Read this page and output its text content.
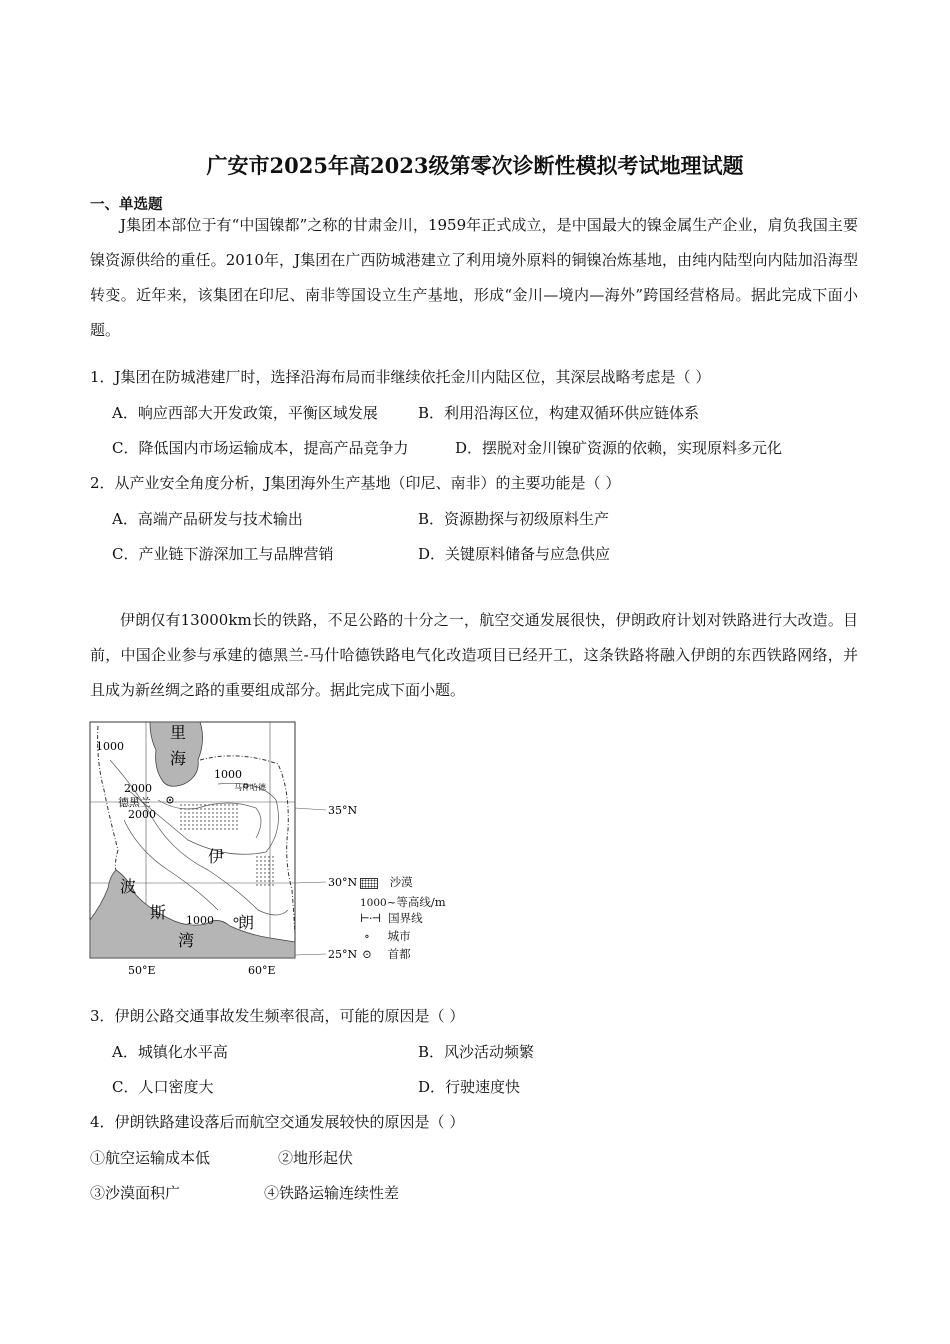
广安市2025年高2023级第零次诊断性模拟考试地理试题
一、单选题
J集团本部位于有“中国镍都”之称的甘肃金川，1959年正式成立，是中国最大的镍金属生产企业，肩负我国主要镍资源供给的重任。2010年，J集团在广西防城港建立了利用境外原料的铜镍冶炼基地，由纯内陆型向内陆加沿海型转变。近年来，该集团在印尼、南非等国设立生产基地，形成“金川—境内—海外”跨国经营格局。据此完成下面小题。
1．J集团在防城港建厂时，选择沿海布局而非继续依托金川内陆区位，其深层战略考虑是（ ）
A．响应西部大开发政策，平衡区域发展	B．利用沿海区位，构建双循环供应链体系
C．降低国内市场运输成本，提高产品竞争力	D．摆脱对金川镍矿资源的依赖，实现原料多元化
2．从产业安全角度分析，J集团海外生产基地（印尼、南非）的主要功能是（ ）
A．高端产品研发与技术输出	B．资源勘探与初级原料生产
C．产业链下游深加工与品牌营销	D．关键原料储备与应急供应
伊朗仅有13000km长的铁路，不足公路的十分之一，航空交通发展很快，伊朗政府计划对铁路进行大改造。目前，中国企业参与承建的德黑兰-马什哈德铁路电气化改造项目已经开工，这条铁路将融入伊朗的东西铁路网络，并且成为新丝绸之路的重要组成部分。据此完成下面小题。
里
海
波
斯
湾
伊
朗
德黑兰
马什哈德
1000
2000
2000
1000
1000
35°N
30°N
25°N
50°E	60°E
沙漠
1000~等高线/m
⊢·⊣ 国界线
∘ 城市
⊙ 首都
3．伊朗公路交通事故发生频率很高，可能的原因是（ ）
A．城镇化水平高	B．风沙活动频繁
C．人口密度大	D．行驶速度快
4．伊朗铁路建设落后而航空交通发展较快的原因是（ ）
①航空运输成本低	②地形起伏
③沙漠面积广	④铁路运输连续性差
